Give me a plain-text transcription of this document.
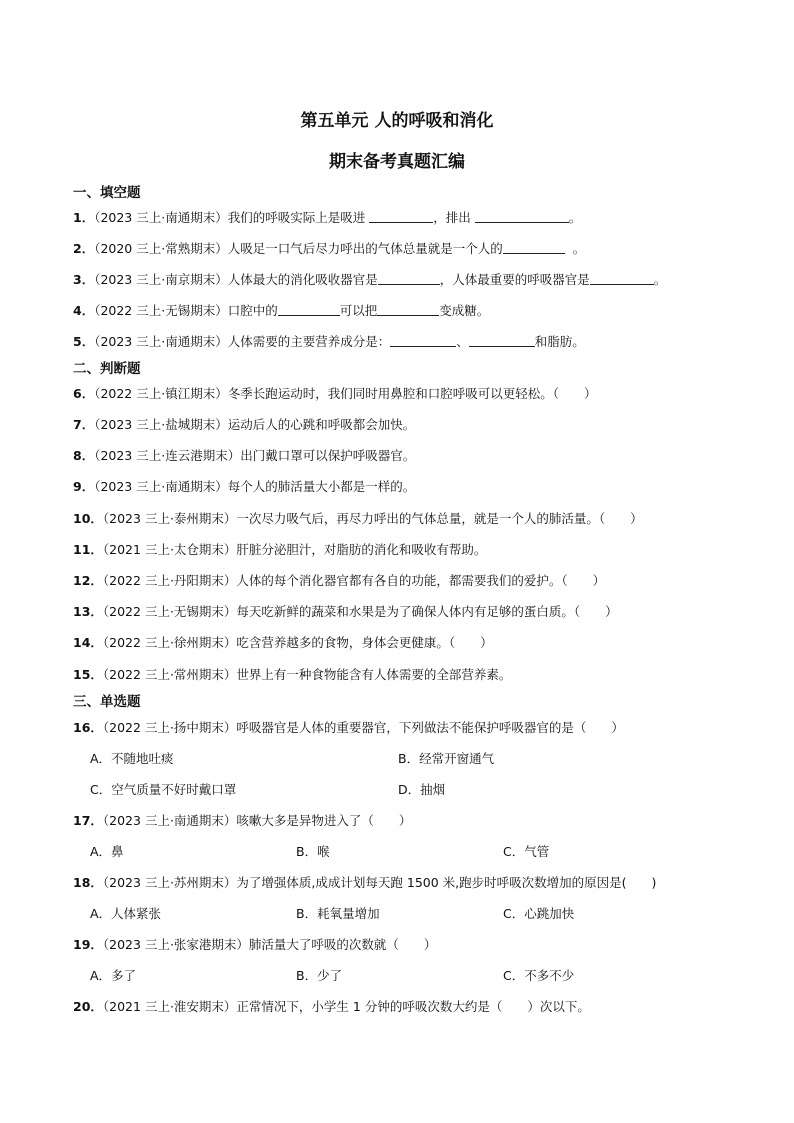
第五单元 人的呼吸和消化
期末备考真题汇编
一、填空题
1．（2023 三上·南通期末）我们的呼吸实际上是吸进	，排出	。
2．（2020 三上·常熟期末）人吸足一口气后尽力呼出的气体总量就是一个人的	。
3．（2023 三上·南京期末）人体最大的消化吸收器官是	，人体最重要的呼吸器官是	。
4．（2022 三上·无锡期末）口腔中的	可以把	变成糖。
5．（2023 三上·南通期末）人体需要的主要营养成分是：	、	和脂肪。
二、判断题
6．（2022 三上·镇江期末）冬季长跑运动时，我们同时用鼻腔和口腔呼吸可以更轻松。（　　）
7．（2023 三上·盐城期末）运动后人的心跳和呼吸都会加快。
8．（2023 三上·连云港期末）出门戴口罩可以保护呼吸器官。
9．（2023 三上·南通期末）每个人的肺活量大小都是一样的。
10．（2023 三上·泰州期末）一次尽力吸气后，再尽力呼出的气体总量，就是一个人的肺活量。（　　）
11．（2021 三上·太仓期末）肝脏分泌胆汁，对脂肪的消化和吸收有帮助。
12．（2022 三上·丹阳期末）人体的每个消化器官都有各自的功能，都需要我们的爱护。（　　）
13．（2022 三上·无锡期末）每天吃新鲜的蔬菜和水果是为了确保人体内有足够的蛋白质。（　　）
14．（2022 三上·徐州期末）吃含营养越多的食物，身体会更健康。（　　）
15．（2022 三上·常州期末）世界上有一种食物能含有人体需要的全部营养素。
三、单选题
16．（2022 三上·扬中期末）呼吸器官是人体的重要器官，下列做法不能保护呼吸器官的是（　　）
A．不随地吐痰	B．经常开窗通气
C．空气质量不好时戴口罩	D．抽烟
17．（2023 三上·南通期末）咳嗽大多是异物进入了（　　）
A．鼻	B．喉	C．气管
18．（2023 三上·苏州期末）为了增强体质,成成计划每天跑 1500 米,跑步时呼吸次数增加的原因是(　　)
A．人体紧张	B．耗氧量增加	C．心跳加快
19．（2023 三上·张家港期末）肺活量大了呼吸的次数就（　　）
A．多了	B．少了	C．不多不少
20．（2021 三上·淮安期末）正常情况下，小学生 1 分钟的呼吸次数大约是（　　）次以下。
